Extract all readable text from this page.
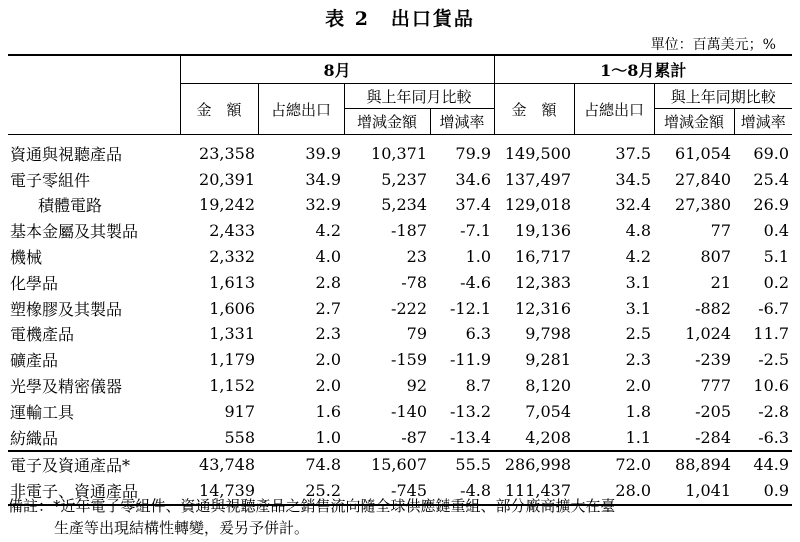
表 2　出口貨品
單位：百萬美元；%
	8月				1～8月累計			
	金　額	占總出口	與上年同月比較		金　額	占總出口	與上年同期比較	
			增減金額	增減率			增減金額	增減率

資通與視聽產品	23,358	39.9	10,371	79.9	149,500	37.5	61,054	69.0
電子零組件	20,391	34.9	5,237	34.6	137,497	34.5	27,840	25.4
積體電路	19,242	32.9	5,234	37.4	129,018	32.4	27,380	26.9
基本金屬及其製品	2,433	4.2	-187	-7.1	19,136	4.8	77	0.4
機械	2,332	4.0	23	1.0	16,717	4.2	807	5.1
化學品	1,613	2.8	-78	-4.6	12,383	3.1	21	0.2
塑橡膠及其製品	1,606	2.7	-222	-12.1	12,316	3.1	-882	-6.7
電機產品	1,331	2.3	79	6.3	9,798	2.5	1,024	11.7
礦產品	1,179	2.0	-159	-11.9	9,281	2.3	-239	-2.5
光學及精密儀器	1,152	2.0	92	8.7	8,120	2.0	777	10.6
運輸工具	917	1.6	-140	-13.2	7,054	1.8	-205	-2.8
紡織品	558	1.0	-87	-13.4	4,208	1.1	-284	-6.3
電子及資通產品*	43,748	74.8	15,607	55.5	286,998	72.0	88,894	44.9
非電子、資通產品	14,739	25.2	-745	-4.8	111,437	28.0	1,041	0.9
備註：*近年電子零組件、資通與視聽產品之銷售流向隨全球供應鏈重組、部分廠商擴大在臺
生產等出現結構性轉變，爰另予併計。
